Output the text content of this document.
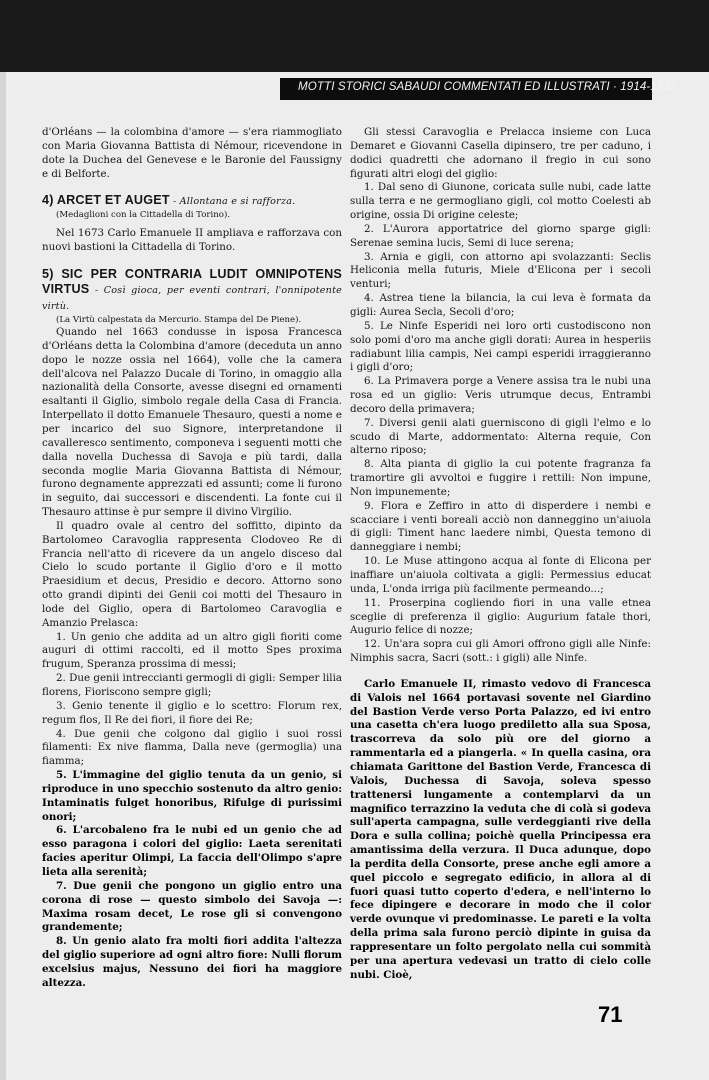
MOTTI STORICI SABAUDI COMMENTATI ED ILLUSTRATI · 1914-1932

d'Orléans — la colombina d'amore — s'era riammogliato con Maria Giovanna Battista di Némour, ricevendone in dote la Duchea del Genevese e le Baronie del Faussigny e di Belforte.

4) ARCET ET AUGET - Allontana e si rafforza.

(Medaglioni con la Cittadella di Torino).

Nel 1673 Carlo Emanuele II ampliava e rafforzava con nuovi bastioni la Cittadella di Torino.

5) SIC PER CONTRARIA LUDIT OMNIPOTENS VIRTUS - Così gioca, per eventi contrari, l'onnipotente virtù.

(La Virtù calpestata da Mercurio. Stampa del De Piene).

Quando nel 1663 condusse in isposa Francesca d'Orléans detta la Colombina d'amore (deceduta un anno dopo le nozze ossia nel 1664), volle che la camera dell'alcova nel Palazzo Ducale di Torino, in omaggio alla nazionalità della Consorte, avesse disegni ed ornamenti esaltanti il Giglio, simbolo regale della Casa di Francia. Interpellato il dotto Emanuele Thesauro, questi a nome e per incarico del suo Signore, interpretandone il cavalleresco sentimento, componeva i seguenti motti che dalla novella Duchessa di Savoja e più tardi, dalla seconda moglie Maria Giovanna Battista di Némour, furono degnamente apprezzati ed assunti; come li furono in seguito, dai successori e discendenti. La fonte cui il Thesauro attinse è pur sempre il divino Virgilio.

Il quadro ovale al centro del soffitto, dipinto da Bartolomeo Caravoglia rappresenta Clodoveo Re di Francia nell'atto di ricevere da un angelo disceso dal Cielo lo scudo portante il Giglio d'oro e il motto Praesidium et decus, Presidio e decoro. Attorno sono otto grandi dipinti dei Genii coi motti del Thesauro in lode del Giglio, opera di Bartolomeo Caravoglia e Amanzio Prelasca:

1. Un genio che addita ad un altro gigli fioriti come auguri di ottimi raccolti, ed il motto Spes proxima frugum, Speranza prossima di messi;

2. Due genii intreccianti germogli di gigli: Semper lilia florens, Fioriscono sempre gigli;

3. Genio tenente il giglio e lo scettro: Florum rex, regum flos, Il Re dei fiori, il fiore dei Re;

4. Due genii che colgono dal giglio i suoi rossi filamenti: Ex nive flamma, Dalla neve (germoglia) una fiamma;

5. L'immagine del giglio tenuta da un genio, si riproduce in uno specchio sostenuto da altro genio: Intaminatis fulget honoribus, Rifulge di purissimi onori;

6. L'arcobaleno fra le nubi ed un genio che ad esso paragona i colori del giglio: Laeta serenitati facies aperitur Olimpi, La faccia dell'Olimpo s'apre lieta alla serenità;

7. Due genii che pongono un giglio entro una corona di rose — questo simbolo dei Savoja —: Maxima rosam decet, Le rose gli si convengono grandemente;

8. Un genio alato fra molti fiori addita l'altezza del giglio superiore ad ogni altro fiore: Nulli florum excelsius majus, Nessuno dei fiori ha maggiore altezza.

Gli stessi Caravoglia e Prelacca insieme con Luca Demaret e Giovanni Casella dipinsero, tre per caduno, i dodici quadretti che adornano il fregio in cui sono figurati altri elogi del giglio:

1. Dal seno di Giunone, coricata sulle nubi, cade latte sulla terra e ne germogliano gigli, col motto Coelesti ab origine, ossia Di origine celeste;

2. L'Aurora apportatrice del giorno sparge gigli: Serenae semina lucis, Semi di luce serena;

3. Arnia e gigli, con attorno api svolazzanti: Seclis Heliconia mella futuris, Miele d'Elicona per i secoli venturi;

4. Astrea tiene la bilancia, la cui leva è formata da gigli: Aurea Secla, Secoli d'oro;

5. Le Ninfe Esperidi nei loro orti custodiscono non solo pomi d'oro ma anche gigli dorati: Aurea in hesperiis radiabunt lilia campis, Nei campi esperidi irraggieranno i gigli d'oro;

6. La Primavera porge a Venere assisa tra le nubi una rosa ed un giglio: Veris utrumque decus, Entrambi decoro della primavera;

7. Diversi genii alati guerniscono di gigli l'elmo e lo scudo di Marte, addormentato: Alterna requie, Con alterno riposo;

8. Alta pianta di giglio la cui potente fragranza fa tramortire gli avvoltoi e fuggire i rettili: Non impune, Non impunemente;

9. Flora e Zeffiro in atto di disperdere i nembi e scacciare i venti boreali acciò non danneggino un'aiuola di gigli: Timent hanc laedere nimbi, Questa temono di danneggiare i nembi;

10. Le Muse attingono acqua al fonte di Elicona per inaffiare un'aiuola coltivata a gigli: Permessius educat unda, L'onda irriga più facilmente permeando...;

11. Proserpina cogliendo fiori in una valle etnea sceglie di preferenza il giglio: Augurium fatale thori, Augurio felice di nozze;

12. Un'ara sopra cui gli Amori offrono gigli alle Ninfe: Nimphis sacra, Sacri (sott.: i gigli) alle Ninfe.

Carlo Emanuele II, rimasto vedovo di Francesca di Valois nel 1664 portavasi sovente nel Giardino del Bastion Verde verso Porta Palazzo, ed ivi entro una casetta ch'era luogo prediletto alla sua Sposa, trascorreva da solo più ore del giorno a rammentarla ed a piangerla. « In quella casina, ora chiamata Garittone del Bastion Verde, Francesca di Valois, Duchessa di Savoja, soleva spesso trattenersi lungamente a contemplarvi da un magnifico terrazzino la veduta che di colà si godeva sull'aperta campagna, sulle verdeggianti rive della Dora e sulla collina; poichè quella Principessa era amantissima della verzura. Il Duca adunque, dopo la perdita della Consorte, prese anche egli amore a quel piccolo e segregato edificio, in allora al di fuori quasi tutto coperto d'edera, e nell'interno lo fece dipingere e decorare in modo che il color verde ovunque vi predominasse. Le pareti e la volta della prima sala furono perciò dipinte in guisa da rappresentare un folto pergolato nella cui sommità per una apertura vedevasi un tratto di cielo colle nubi. Cioè,

71
